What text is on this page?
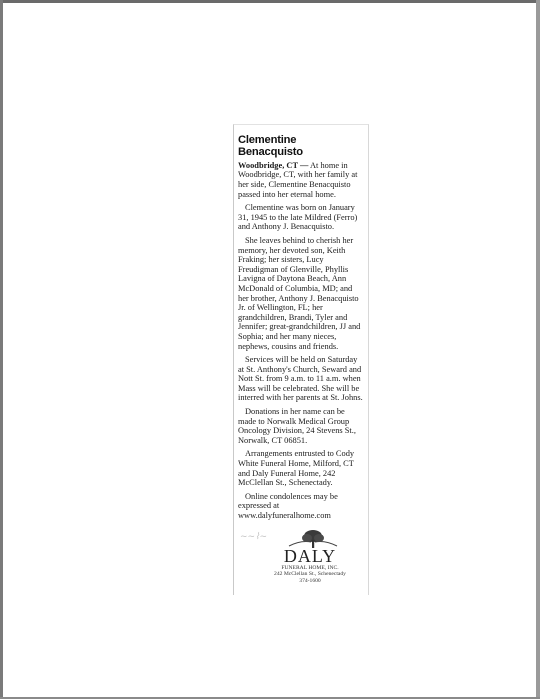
Clementine
Benacquisto

Woodbridge, CT — At home in Woodbridge, CT, with her family at her side, Clementine Benacquisto passed into her eternal home.

Clementine was born on January 31, 1945 to the late Mildred (Ferro) and Anthony J. Benacquisto.

She leaves behind to cherish her memory, her devoted son, Keith Fraking; her sisters, Lucy Freudigman of Glenville, Phyllis Lavigna of Daytona Beach, Ann McDonald of Columbia, MD; and her brother, Anthony J. Benacquisto Jr. of Wellington, FL; her grandchildren, Brandi, Tyler and Jennifer; great-grandchildren, JJ and Sophia; and her many nieces, nephews, cousins and friends.

Services will be held on Saturday at St. Anthony's Church, Seward and Nott St. from 9 a.m. to 11 a.m. when Mass will be celebrated. She will be interred with her parents at St. Johns.

Donations in her name can be made to Norwalk Medical Group Oncology Division, 24 Stevens St., Norwalk, CT 06851.

Arrangements entrusted to Cody White Funeral Home, Milford, CT and Daly Funeral Home, 242 McClellan St., Schenectady.

Online condolences may be expressed at www.dalyfuneralhome.com

~~⌇~
DALY
FUNERAL HOME, INC.
242 McClellan St., Schenectady
374-1600
